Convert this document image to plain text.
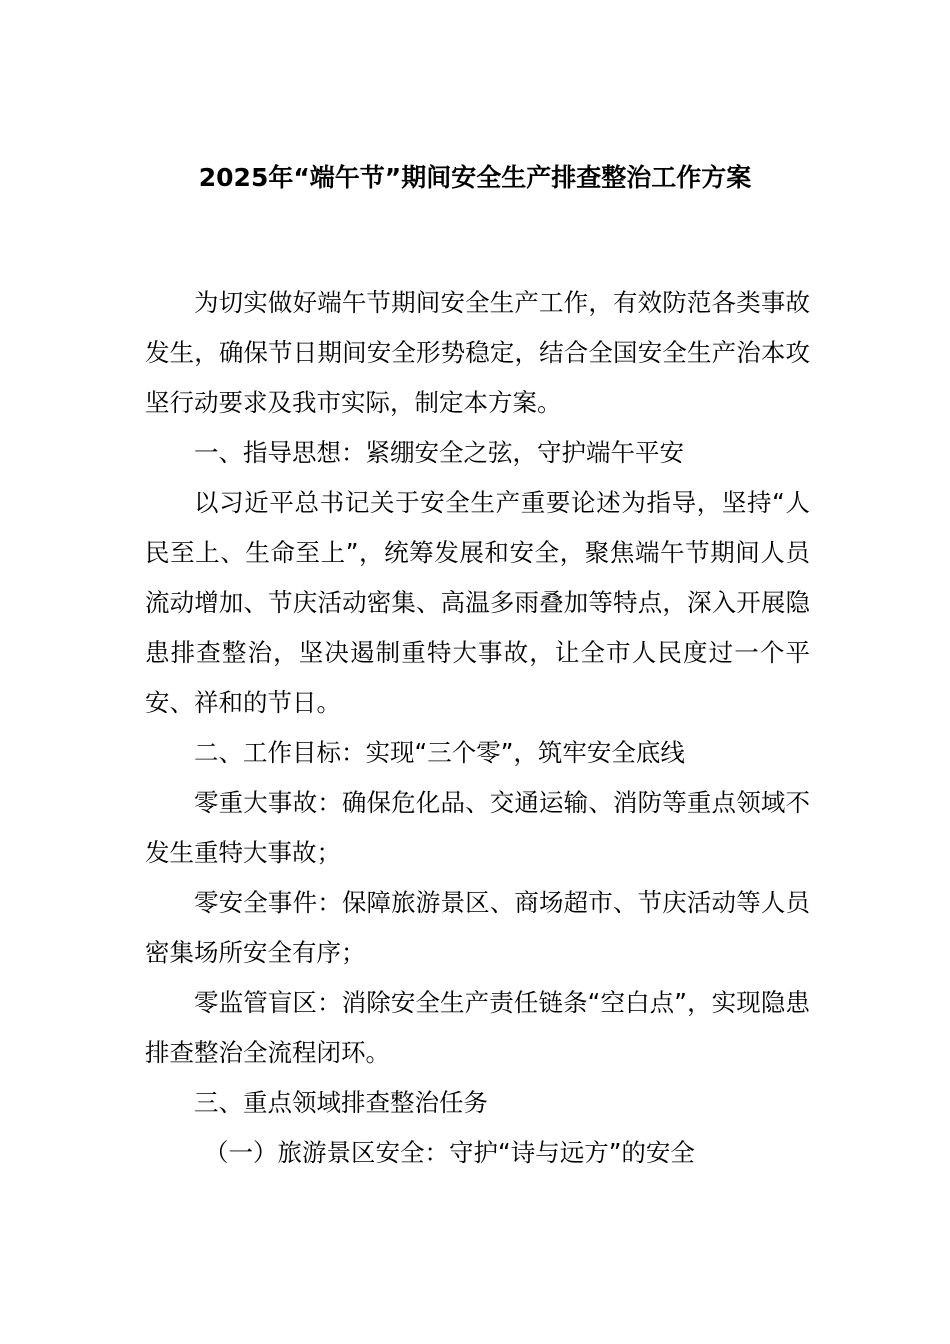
2025年“端午节”期间安全生产排查整治工作方案

为切实做好端午节期间安全生产工作，有效防范各类事故发生，确保节日期间安全形势稳定，结合全国安全生产治本攻坚行动要求及我市实际，制定本方案。

一、指导思想：紧绷安全之弦，守护端午平安

以习近平总书记关于安全生产重要论述为指导，坚持“人民至上、生命至上”，统筹发展和安全，聚焦端午节期间人员流动增加、节庆活动密集、高温多雨叠加等特点，深入开展隐患排查整治，坚决遏制重特大事故，让全市人民度过一个平安、祥和的节日。

二、工作目标：实现“三个零”，筑牢安全底线

零重大事故：确保危化品、交通运输、消防等重点领域不发生重特大事故；

零安全事件：保障旅游景区、商场超市、节庆活动等人员密集场所安全有序；

零监管盲区：消除安全生产责任链条“空白点”，实现隐患排查整治全流程闭环。

三、重点领域排查整治任务

（一）旅游景区安全：守护“诗与远方”的安全
